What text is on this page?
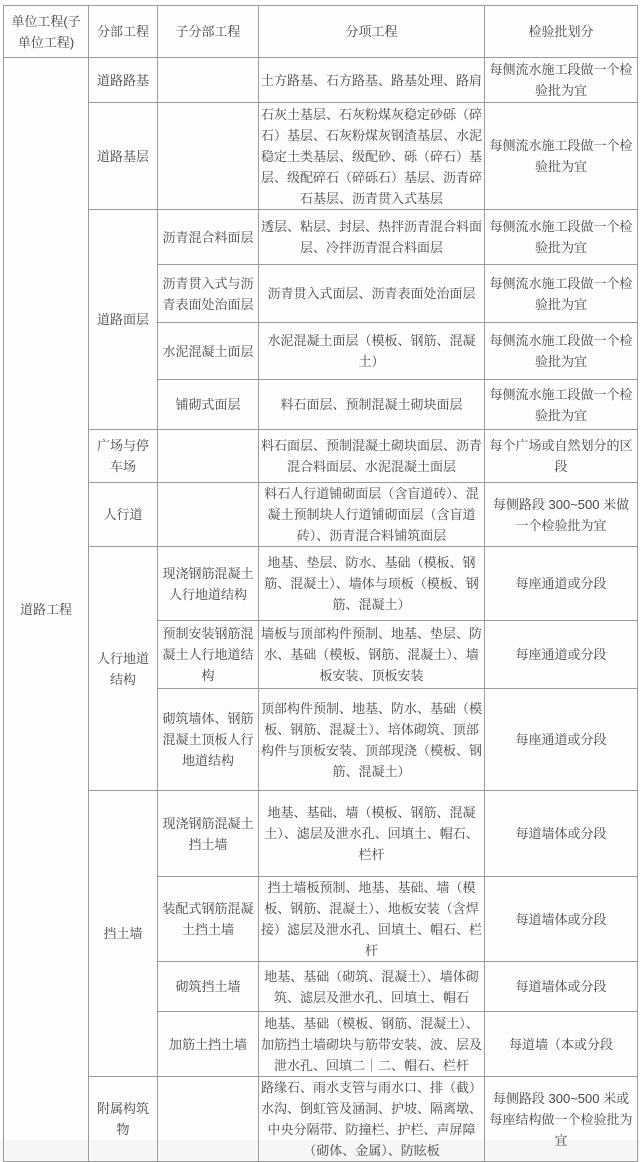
单位工程(子单位工程)	分部工程	子分部工程	分项工程	检验批划分
道路工程	道路路基		土方路基、石方路基、路基处理、路肩	每侧流水施工段做一个检验批为宜
	道路基层		石灰土基层、石灰粉煤灰稳定砂砾（碎石）基层、石灰粉煤灰钢渣基层、水泥稳定土类基层、级配砂、砾（碎石）基层、级配碎石（碎砾石）基层、沥青碎石基层、沥青贯入式基层	每侧流水施工段做一个检验批为宜
	道路面层	沥青混合料面层	透层、粘层、封层、热拌沥青混合料面层、冷拌沥青混合料面层	每侧流水施工段做一个检验批为宜
		沥青贯入式与沥青表面处治面层	沥青贯入式面层、沥青表面处治面层	每侧流水施工段做一个检验批为宜
		水泥混凝土面层	水泥混凝土面层（模板、钢筋、混凝土）	每侧流水施工段做一个检验批为宜
		铺砌式面层	料石面层、预制混凝土砌块面层	每侧流水施工段做一个检验批为宜
	广场与停车场		料石面层、预制混凝土砌块面层、沥青混合料面层、水泥混凝土面层	每个广场或自然划分的区段
	人行道		料石人行道铺砌面层（含盲道砖）、混凝土预制块人行道铺砌面层（含盲道砖）、沥青混合料铺筑面层	每侧路段 300~500 米做一个检验批为宜
	人行地道结构	现浇钢筋混凝土人行地道结构	地基、垫层、防水、基础（模板、钢筋、混凝土）、墙体与顼板（模板、钢筋、混凝土）	每座通道或分段
		预制安装钢筋混凝土人行地道结构	墙板与顶部构件预制、地基、垫层、防水、基础（模板、钢筋、混凝土）、墙板安装、顶板安装	每座通道或分段
		砌筑墙体、钢筋混凝土顶板人行地道结构	顶部构件预制、地基、防水、基础（模板、钢筋、混凝土）、培体砌筑、顶部构件与顶板安装、顶部现浇（模板、钢筋、混凝土）	每座通道或分段
	挡土墙	现浇钢筋混凝土挡土墙	地基、基础、墙（模板、钢筋、混凝土）、滤层及泄水孔、回填土、帽石、栏杆	每道墙体或分段
		装配式钢筋混凝土挡土墙	挡土墙板预制、地基、基础、墙（模板、钢筋、混凝土）、地板安装（含焊接）滤层及泄水孔、回填土、帽石、栏杆	每道墙体或分段
		砌筑挡土墙	地基、基础（砌筑、混凝土）、墙体砌筑、滤层及泄水孔、回填土、帽石	每道墙体或分段
		加筋土挡土墙	地基、基础（模板、钢筋、混凝土）、加筋挡土墙砌块与筋带安装、波、层及泄水孔、回填二｜二、帽石、栏杆	每道墙（本或分段
	附属构筑物		路缘石、雨水支管与雨水口、排（截）水沟、倒虹管及涵洞、护坡、隔离墩、中央分隔带、防撞栏、护栏、声屏障（砌体、金属）、防眩板	每侧路段 300~500 米或每座结构做一个检验批为宜
